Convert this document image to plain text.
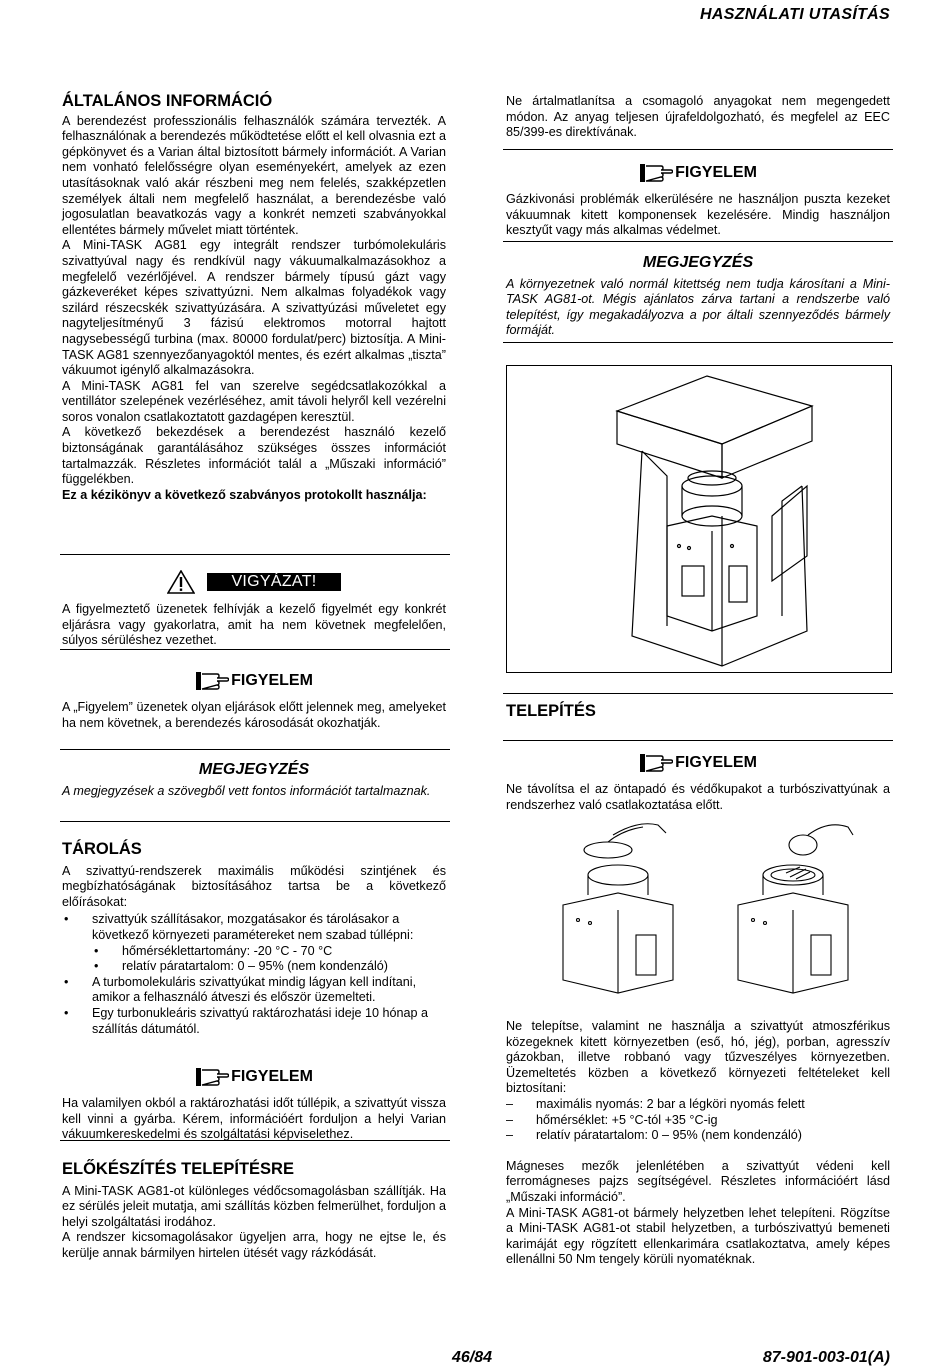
HASZNÁLATI UTASÍTÁS
ÁLTALÁNOS INFORMÁCIÓ

A berendezést professzionális felhasználók számára tervezték. A felhasználónak a berendezés működtetése előtt el kell olvasnia ezt a gépkönyvet és a Varian által biztosított bármely információt. A Varian nem vonható felelősségre olyan eseményekért, amelyek az ezen utasításoknak való akár részbeni meg nem felelés, szakképzetlen személyek általi nem megfelelő használat, a berendezésbe való jogosulatlan beavatkozás vagy a konkrét nemzeti szabványokkal ellentétes bármely művelet miatt történtek.

A Mini-TASK AG81 egy integrált rendszer turbómolekuláris szivattyúval nagy és rendkívül nagy vákuumalkalmazásokhoz a megfelelő vezérlőjével. A rendszer bármely típusú gázt vagy gázkeveréket képes szivattyúzni. Nem alkalmas folyadékok vagy szilárd részecskék szivattyúzására. A szivattyúzási műveletet egy nagyteljesítményű 3 fázisú elektromos motorral hajtott nagysebességű turbina (max. 80000 fordulat/perc) biztosítja. A Mini-TASK AG81 szennyezőanyagoktól mentes, és ezért alkalmas „tiszta” vákuumot igénylő alkalmazásokra.

A Mini-TASK AG81 fel van szerelve segédcsatlakozókkal a ventillátor szelepének vezérléséhez, amit távoli helyről kell vezérelni soros vonalon csatlakoztatott gazdagépen keresztül.

A következő bekezdések a berendezést használó kezelő biztonságának garantálásához szükséges összes információt tartalmazzák. Részletes információt talál a „Műszaki információ” függelékben.

Ez a kézikönyv a következő szabványos protokollt használja:

VIGYÁZAT!

A figyelmeztető üzenetek felhívják a kezelő figyelmét egy konkrét eljárásra vagy gyakorlatra, amit ha nem követnek megfelelően, súlyos sérüléshez vezethet.

FIGYELEM

A „Figyelem” üzenetek olyan eljárások előtt jelennek meg, amelyeket ha nem követnek, a berendezés károsodását okozhatják.

MEGJEGYZÉS

A megjegyzések a szövegből vett fontos információt tartalmaznak.

TÁROLÁS

A szivattyú-rendszerek maximális működési szintjének és megbízhatóságának biztosításához tartsa be a következő előírásokat:

• szivattyúk szállításakor, mozgatásakor és tárolásakor a következő környezeti paramétereket nem szabad túllépni:
• hőmérséklettartomány: -20 °C - 70 °C
• relatív páratartalom: 0 – 95% (nem kondenzáló)
• A turbomolekuláris szivattyúkat mindig lágyan kell indítani, amikor a felhasználó átveszi és először üzemelteti.
• Egy turbonukleáris szivattyú raktározhatási ideje 10 hónap a szállítás dátumától.
FIGYELEM

Ha valamilyen okból a raktározhatási időt túllépik, a szivattyút vissza kell vinni a gyárba. Kérem, információért forduljon a helyi Varian vákuumkereskedelmi és szolgáltatási képviselethez.

ELŐKÉSZÍTÉS TELEPÍTÉSRE

A Mini-TASK AG81-ot különleges védőcsomagolásban szállítják. Ha ez sérülés jeleit mutatja, ami szállítás közben felmerülhet, forduljon a helyi szolgáltatási irodához.

A rendszer kicsomagolásakor ügyeljen arra, hogy ne ejtse le, és kerülje annak bármilyen hirtelen ütését vagy rázkódását.

Ne ártalmatlanítsa a csomagoló anyagokat nem megengedett módon. Az anyag teljesen újrafeldolgozható, és megfelel az EEC 85/399-es direktívának.

FIGYELEM

Gázkivonási problémák elkerülésére ne használjon puszta kezeket vákuumnak kitett komponensek kezelésére. Mindig használjon kesztyűt vagy más alkalmas védelmet.

MEGJEGYZÉS

A környezetnek való normál kitettség nem tudja károsítani a Mini-TASK AG81-ot. Mégis ajánlatos zárva tartani a rendszerbe való telepítést, így megakadályozva a por általi szennyeződés bármely formáját.

TELEPÍTÉS
FIGYELEM

Ne távolítsa el az öntapadó és védőkupakot a turbószivattyúnak a rendszerhez való csatlakoztatása előtt.

Ne telepítse, valamint ne használja a szivattyút atmoszférikus közegeknek kitett környezetben (eső, hó, jég), porban, agresszív gázokban, illetve robbanó vagy tűzveszélyes környezetben. Üzemeltetés közben a következő környezeti feltételeket kell biztosítani:

– maximális nyomás: 2 bar a légköri nyomás felett
– hőmérséklet: +5 °C-tól +35 °C-ig
– relatív páratartalom: 0 – 95% (nem kondenzáló)

Mágneses mezők jelenlétében a szivattyút védeni kell ferromágneses pajzs segítségével. Részletes információért lásd „Műszaki információ”.

A Mini-TASK AG81-ot bármely helyzetben lehet telepíteni. Rögzítse a Mini-TASK AG81-ot stabil helyzetben, a turbószivattyú bemeneti karimáját egy rögzített ellenkarimára csatlakoztatva, amely képes ellenállni 50 Nm tengely körüli nyomatéknak.

46/84	87-901-003-01(A)
